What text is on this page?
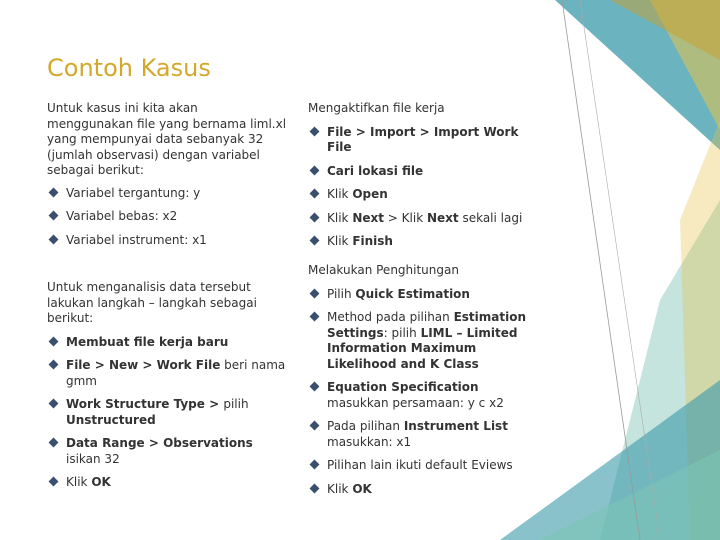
Contoh Kasus

Untuk kasus ini kita akan menggunakan file yang bernama liml.xl yang mempunyai data sebanyak 32 (jumlah observasi) dengan variabel sebagai berikut:

Variabel tergantung: y
Variabel bebas: x2
Variabel instrument: x1

Untuk menganalisis data tersebut lakukan langkah – langkah sebagai berikut:

Membuat file kerja baru
File > New > Work File beri nama gmm
Work Structure Type > pilih Unstructured
Data Range > Observations isikan 32
Klik OK

Mengaktifkan file kerja

File > Import > Import Work File
Cari lokasi file
Klik Open
Klik Next > Klik Next sekali lagi
Klik Finish

Melakukan Penghitungan

Pilih Quick Estimation
Method pada pilihan Estimation Settings: pilih LIML – Limited Information Maximum Likelihood and K Class
Equation Specification masukkan persamaan: y c x2
Pada pilihan Instrument List masukkan: x1
Pilihan lain ikuti default Eviews
Klik OK
